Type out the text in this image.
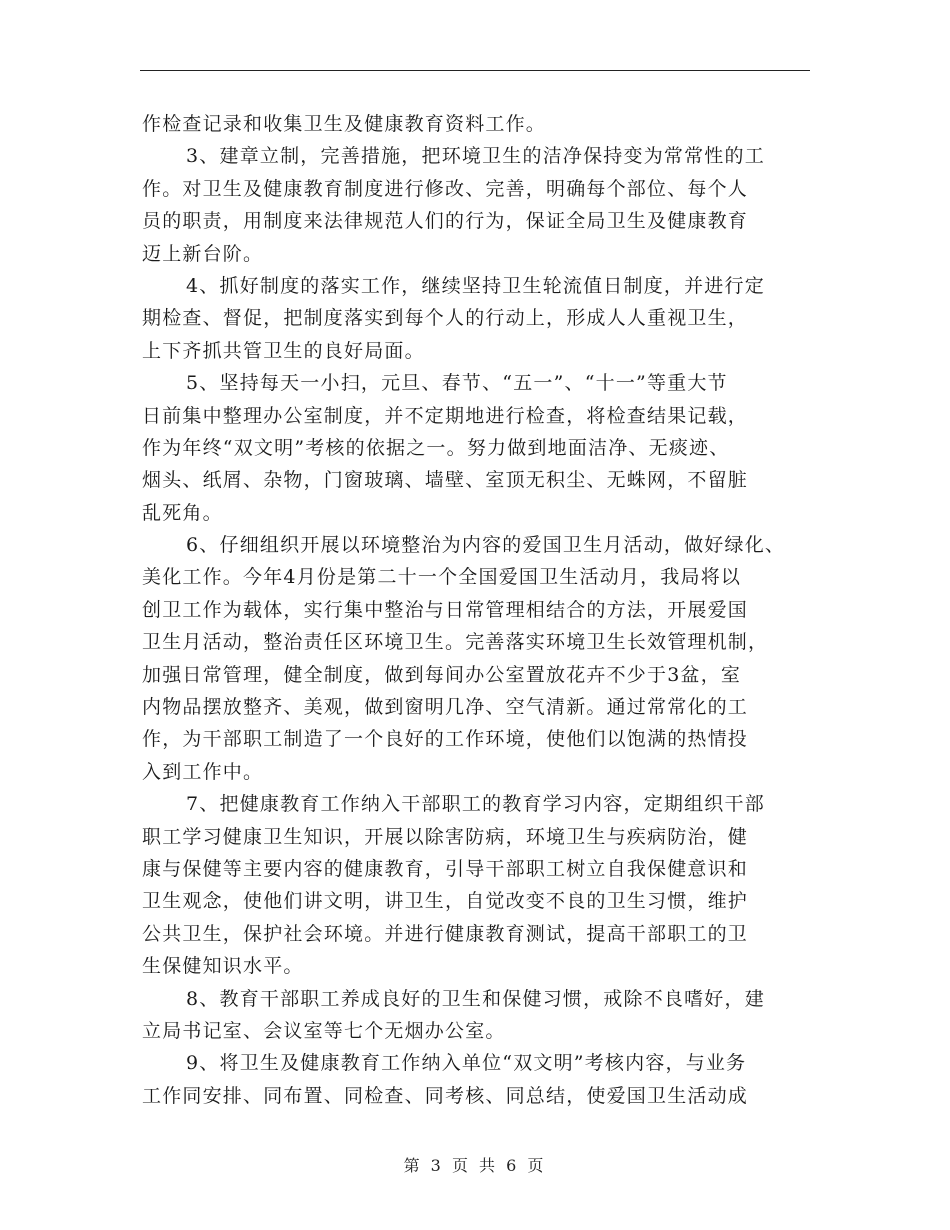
作检查记录和收集卫生及健康教育资料工作。
3、建章立制，完善措施，把环境卫生的洁净保持变为常常性的工
作。对卫生及健康教育制度进行修改、完善，明确每个部位、每个人
员的职责，用制度来法律规范人们的行为，保证全局卫生及健康教育
迈上新台阶。
4、抓好制度的落实工作，继续坚持卫生轮流值日制度，并进行定
期检查、督促，把制度落实到每个人的行动上，形成人人重视卫生，
上下齐抓共管卫生的良好局面。
5、坚持每天一小扫，元旦、春节、“五一”、“十一”等重大节
日前集中整理办公室制度，并不定期地进行检查，将检查结果记载，
作为年终“双文明”考核的依据之一。努力做到地面洁净、无痰迹、
烟头、纸屑、杂物，门窗玻璃、墙壁、室顶无积尘、无蛛网，不留脏
乱死角。
6、仔细组织开展以环境整治为内容的爱国卫生月活动，做好绿化、
美化工作。今年4月份是第二十一个全国爱国卫生活动月，我局将以
创卫工作为载体，实行集中整治与日常管理相结合的方法，开展爱国
卫生月活动，整治责任区环境卫生。完善落实环境卫生长效管理机制，
加强日常管理，健全制度，做到每间办公室置放花卉不少于3盆，室
内物品摆放整齐、美观，做到窗明几净、空气清新。通过常常化的工
作，为干部职工制造了一个良好的工作环境，使他们以饱满的热情投
入到工作中。
7、把健康教育工作纳入干部职工的教育学习内容，定期组织干部
职工学习健康卫生知识，开展以除害防病，环境卫生与疾病防治，健
康与保健等主要内容的健康教育，引导干部职工树立自我保健意识和
卫生观念，使他们讲文明，讲卫生，自觉改变不良的卫生习惯，维护
公共卫生，保护社会环境。并进行健康教育测试，提高干部职工的卫
生保健知识水平。
8、教育干部职工养成良好的卫生和保健习惯，戒除不良嗜好，建
立局书记室、会议室等七个无烟办公室。
9、将卫生及健康教育工作纳入单位“双文明”考核内容，与业务
工作同安排、同布置、同检查、同考核、同总结，使爱国卫生活动成
第 3 页 共 6 页
